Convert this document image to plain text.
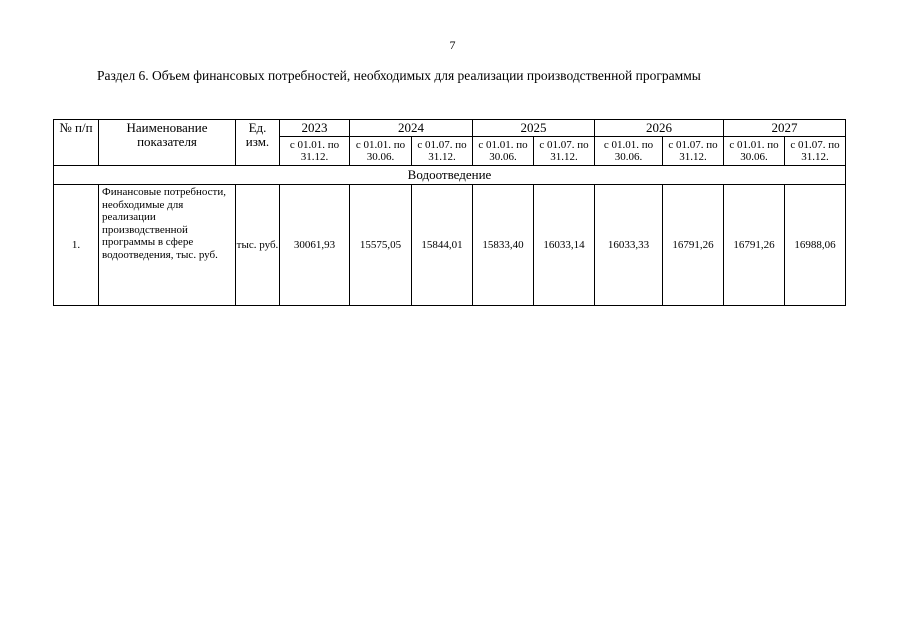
7
Раздел 6. Объем финансовых потребностей, необходимых для реализации производственной программы
№ п/п	Наименование показателя	Ед. изм.	2023	2024		2025		2026		2027	
			с 01.01. по 31.12.	с 01.01. по 30.06.	с 01.07. по 31.12.	с 01.01. по 30.06.	с 01.07. по 31.12.	с 01.01. по 30.06.	с 01.07. по 31.12.	с 01.01. по 30.06.	с 01.07. по 31.12.
Водоотведение											
1.	Финансовые потребности, необходимые для реализации производственной программы в сфере водоотведения, тыс. руб.	тыс. руб.	30061,93	15575,05	15844,01	15833,40	16033,14	16033,33	16791,26	16791,26	16988,06
